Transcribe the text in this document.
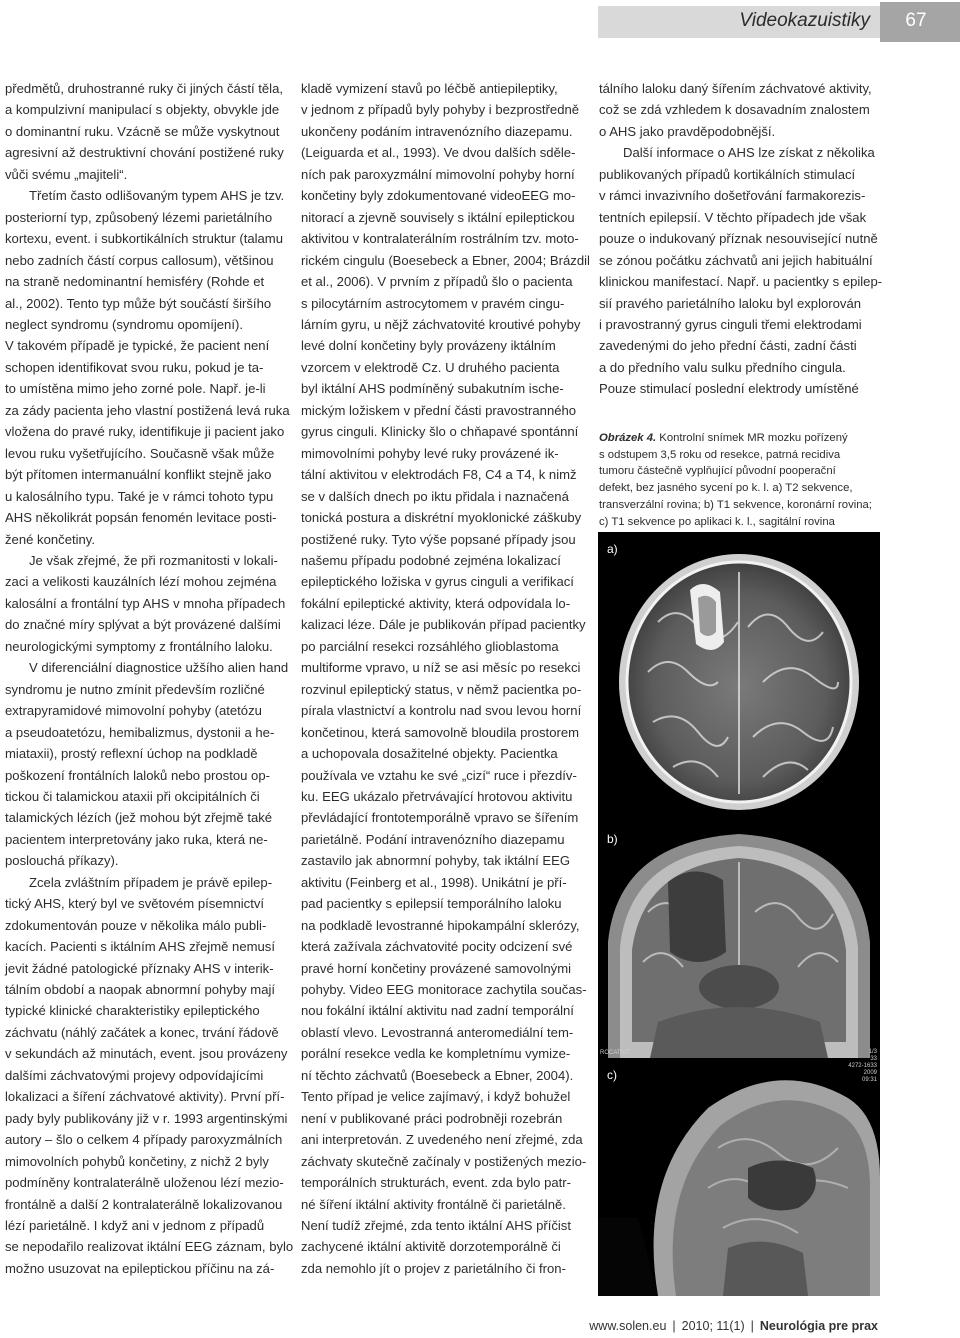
Videokazuistiky	67

předmětů, druhostranné ruky či jiných částí těla,
a kompulzivní manipulací s objekty, obvykle jde
o dominantní ruku. Vzácně se může vyskytnout
agresivní až destruktivní chování postižené ruky
vůči svému „majiteli“.

Třetím často odlišovaným typem AHS je tzv.
posteriorní typ, způsobený lézemi parietálního
kortexu, event. i subkortikálních struktur (talamu
nebo zadních částí corpus callosum), většinou
na straně nedominantní hemisféry (Rohde et
al., 2002). Tento typ může být součástí širšího
neglect syndromu (syndromu opomíjení).
V takovém případě je typické, že pacient není
schopen identifikovat svou ruku, pokud je ta-
to umístěna mimo jeho zorné pole. Např. je-li
za zády pacienta jeho vlastní postižená levá ruka
vložena do pravé ruky, identifikuje ji pacient jako
levou ruku vyšetřujícího. Současně však může
být přítomen intermanuální konflikt stejně jako
u kalosálního typu. Také je v rámci tohoto typu
AHS několikrát popsán fenomén levitace posti-
žené končetiny.

Je však zřejmé, že při rozmanitosti v lokali-
zaci a velikosti kauzálních lézí mohou zejména
kalosální a frontální typ AHS v mnoha případech
do značné míry splývat a být provázené dalšími
neurologickými symptomy z frontálního laloku.

V diferenciální diagnostice užšího alien hand
syndromu je nutno zmínit především rozličné
extrapyramidové mimovolní pohyby (atetózu
a pseudoatetózu, hemibalizmus, dystonii a he-
miataxii), prostý reflexní úchop na podkladě
poškození frontálních laloků nebo prostou op-
tickou či talamickou ataxii při okcipitálních či
talamických lézích (jež mohou být zřejmě také
pacientem interpretovány jako ruka, která ne-
poslouchá příkazy).

Zcela zvláštním případem je právě epilep-
tický AHS, který byl ve světovém písemnictví
zdokumentován pouze v několika málo publi-
kacích. Pacienti s iktálním AHS zřejmě nemusí
jevit žádné patologické příznaky AHS v interik-
tálním období a naopak abnormní pohyby mají
typické klinické charakteristiky epileptického
záchvatu (náhlý začátek a konec, trvání řádově
v sekundách až minutách, event. jsou provázeny
dalšími záchvatovými projevy odpovídajícími
lokalizaci a šíření záchvatové aktivity). První pří-
pady byly publikovány již v r. 1993 argentinskými
autory – šlo o celkem 4 případy paroxyzmálních
mimovolních pohybů končetiny, z nichž 2 byly
podmíněny kontralaterálně uloženou lézí mezio-
frontálně a další 2 kontralaterálně lokalizovanou
lézí parietálně. I když ani v jednom z případů
se nepodařilo realizovat iktální EEG záznam, bylo
možno usuzovat na epileptickou příčinu na zá-

kladě vymizení stavů po léčbě antiepileptiky,
v jednom z případů byly pohyby i bezprostředně
ukončeny podáním intravenózního diazepamu.
(Leiguarda et al., 1993). Ve dvou dalších sděle-
ních pak paroxyzmální mimovolní pohyby horní
končetiny byly zdokumentované videoEEG mo-
nitorací a zjevně souvisely s iktální epileptickou
aktivitou v kontralaterálním rostrálním tzv. moto-
rickém cingulu (Boesebeck a Ebner, 2004; Brázdil
et al., 2006). V prvním z případů šlo o pacienta
s pilocytárním astrocytomem v pravém cingu-
lárním gyru, u nějž záchvatovité kroutivé pohyby
levé dolní končetiny byly provázeny iktálním
vzorcem v elektrodě Cz. U druhého pacienta
byl iktální AHS podmíněný subakutním ische-
mickým ložiskem v přední části pravostranného
gyrus cinguli. Klinicky šlo o chňapavé spontánní
mimovolními pohyby levé ruky provázené ik-
tální aktivitou v elektrodách F8, C4 a T4, k nimž
se v dalších dnech po iktu přidala i naznačená
tonická postura a diskrétní myoklonické záškuby
postižené ruky. Tyto výše popsané případy jsou
našemu případu podobné zejména lokalizací
epileptického ložiska v gyrus cinguli a verifikací
fokální epileptické aktivity, která odpovídala lo-
kalizaci léze. Dále je publikován případ pacientky
po parciální resekci rozsáhlého glioblastoma
multiforme vpravo, u níž se asi měsíc po resekci
rozvinul epileptický status, v němž pacientka po-
pírala vlastnictví a kontrolu nad svou levou horní
končetinou, která samovolně bloudila prostorem
a uchopovala dosažitelné objekty. Pacientka
používala ve vztahu ke své „cizí“ ruce i přezdív-
ku. EEG ukázalo přetrvávající hrotovou aktivitu
převládající frontotemporálně vpravo se šířením
parietálně. Podání intravenózního diazepamu
zastavilo jak abnormní pohyby, tak iktální EEG
aktivitu (Feinberg et al., 1998). Unikátní je pří-
pad pacientky s epilepsií temporálního laloku
na podkladě levostranné hipokampální sklerózy,
která zažívala záchvatovité pocity odcizení své
pravé horní končetiny provázené samovolnými
pohyby. Video EEG monitorace zachytila součas-
nou fokální iktální aktivitu nad zadní temporální
oblastí vlevo. Levostranná anteromediální tem-
porální resekce vedla ke kompletnímu vymize-
ní těchto záchvatů (Boesebeck a Ebner, 2004).
Tento případ je velice zajímavý, i když bohužel
není v publikované práci podrobněji rozebrán
ani interpretován. Z uvedeného není zřejmé, zda
záchvaty skutečně začínaly v postižených mezio-
temporálních strukturách, event. zda bylo patr-
né šíření iktální aktivity frontálně či parietálně.
Není tudíž zřejmé, zda tento iktální AHS příčist
zachycené iktální aktivitě dorzotemporálně či
zda nemohlo jít o projev z parietálního či fron-

tálního laloku daný šířením záchvatové aktivity,
což se zdá vzhledem k dosavadním znalostem
o AHS jako pravděpodobnější.

Další informace o AHS lze získat z několika
publikovaných případů kortikálních stimulací
v rámci invazivního došetřování farmakorezis-
tentních epilepsií. V těchto případech jde však
pouze o indukovaný příznak nesouvisející nutně
se zónou počátku záchvatů ani jejich habituální
klinickou manifestací. Např. u pacientky s epilep-
sií pravého parietálního laloku byl explorován
i pravostranný gyrus cinguli třemi elektrodami
zavedenými do jeho přední části, zadní části
a do předního valu sulku předního cingula.
Pouze stimulací poslední elektrody umístěné

Obrázek 4. Kontrolní snímek MR mozku pořízený
s odstupem 3,5 roku od resekce, patrná recidiva
tumoru částečně vyplňující původní pooperační
defekt, bez jasného sycení po k. l. a) T2 sekvence,
transverzální rovina; b) T1 sekvence, koronární rovina;
c) T1 sekvence po aplikaci k. l., sagitální rovina
a)
b)
c)
ROCATIVT	1/3
33
4272-1633
2009
09:31
www.solen.eu | 2010; 11(1) | Neurológia pre prax
